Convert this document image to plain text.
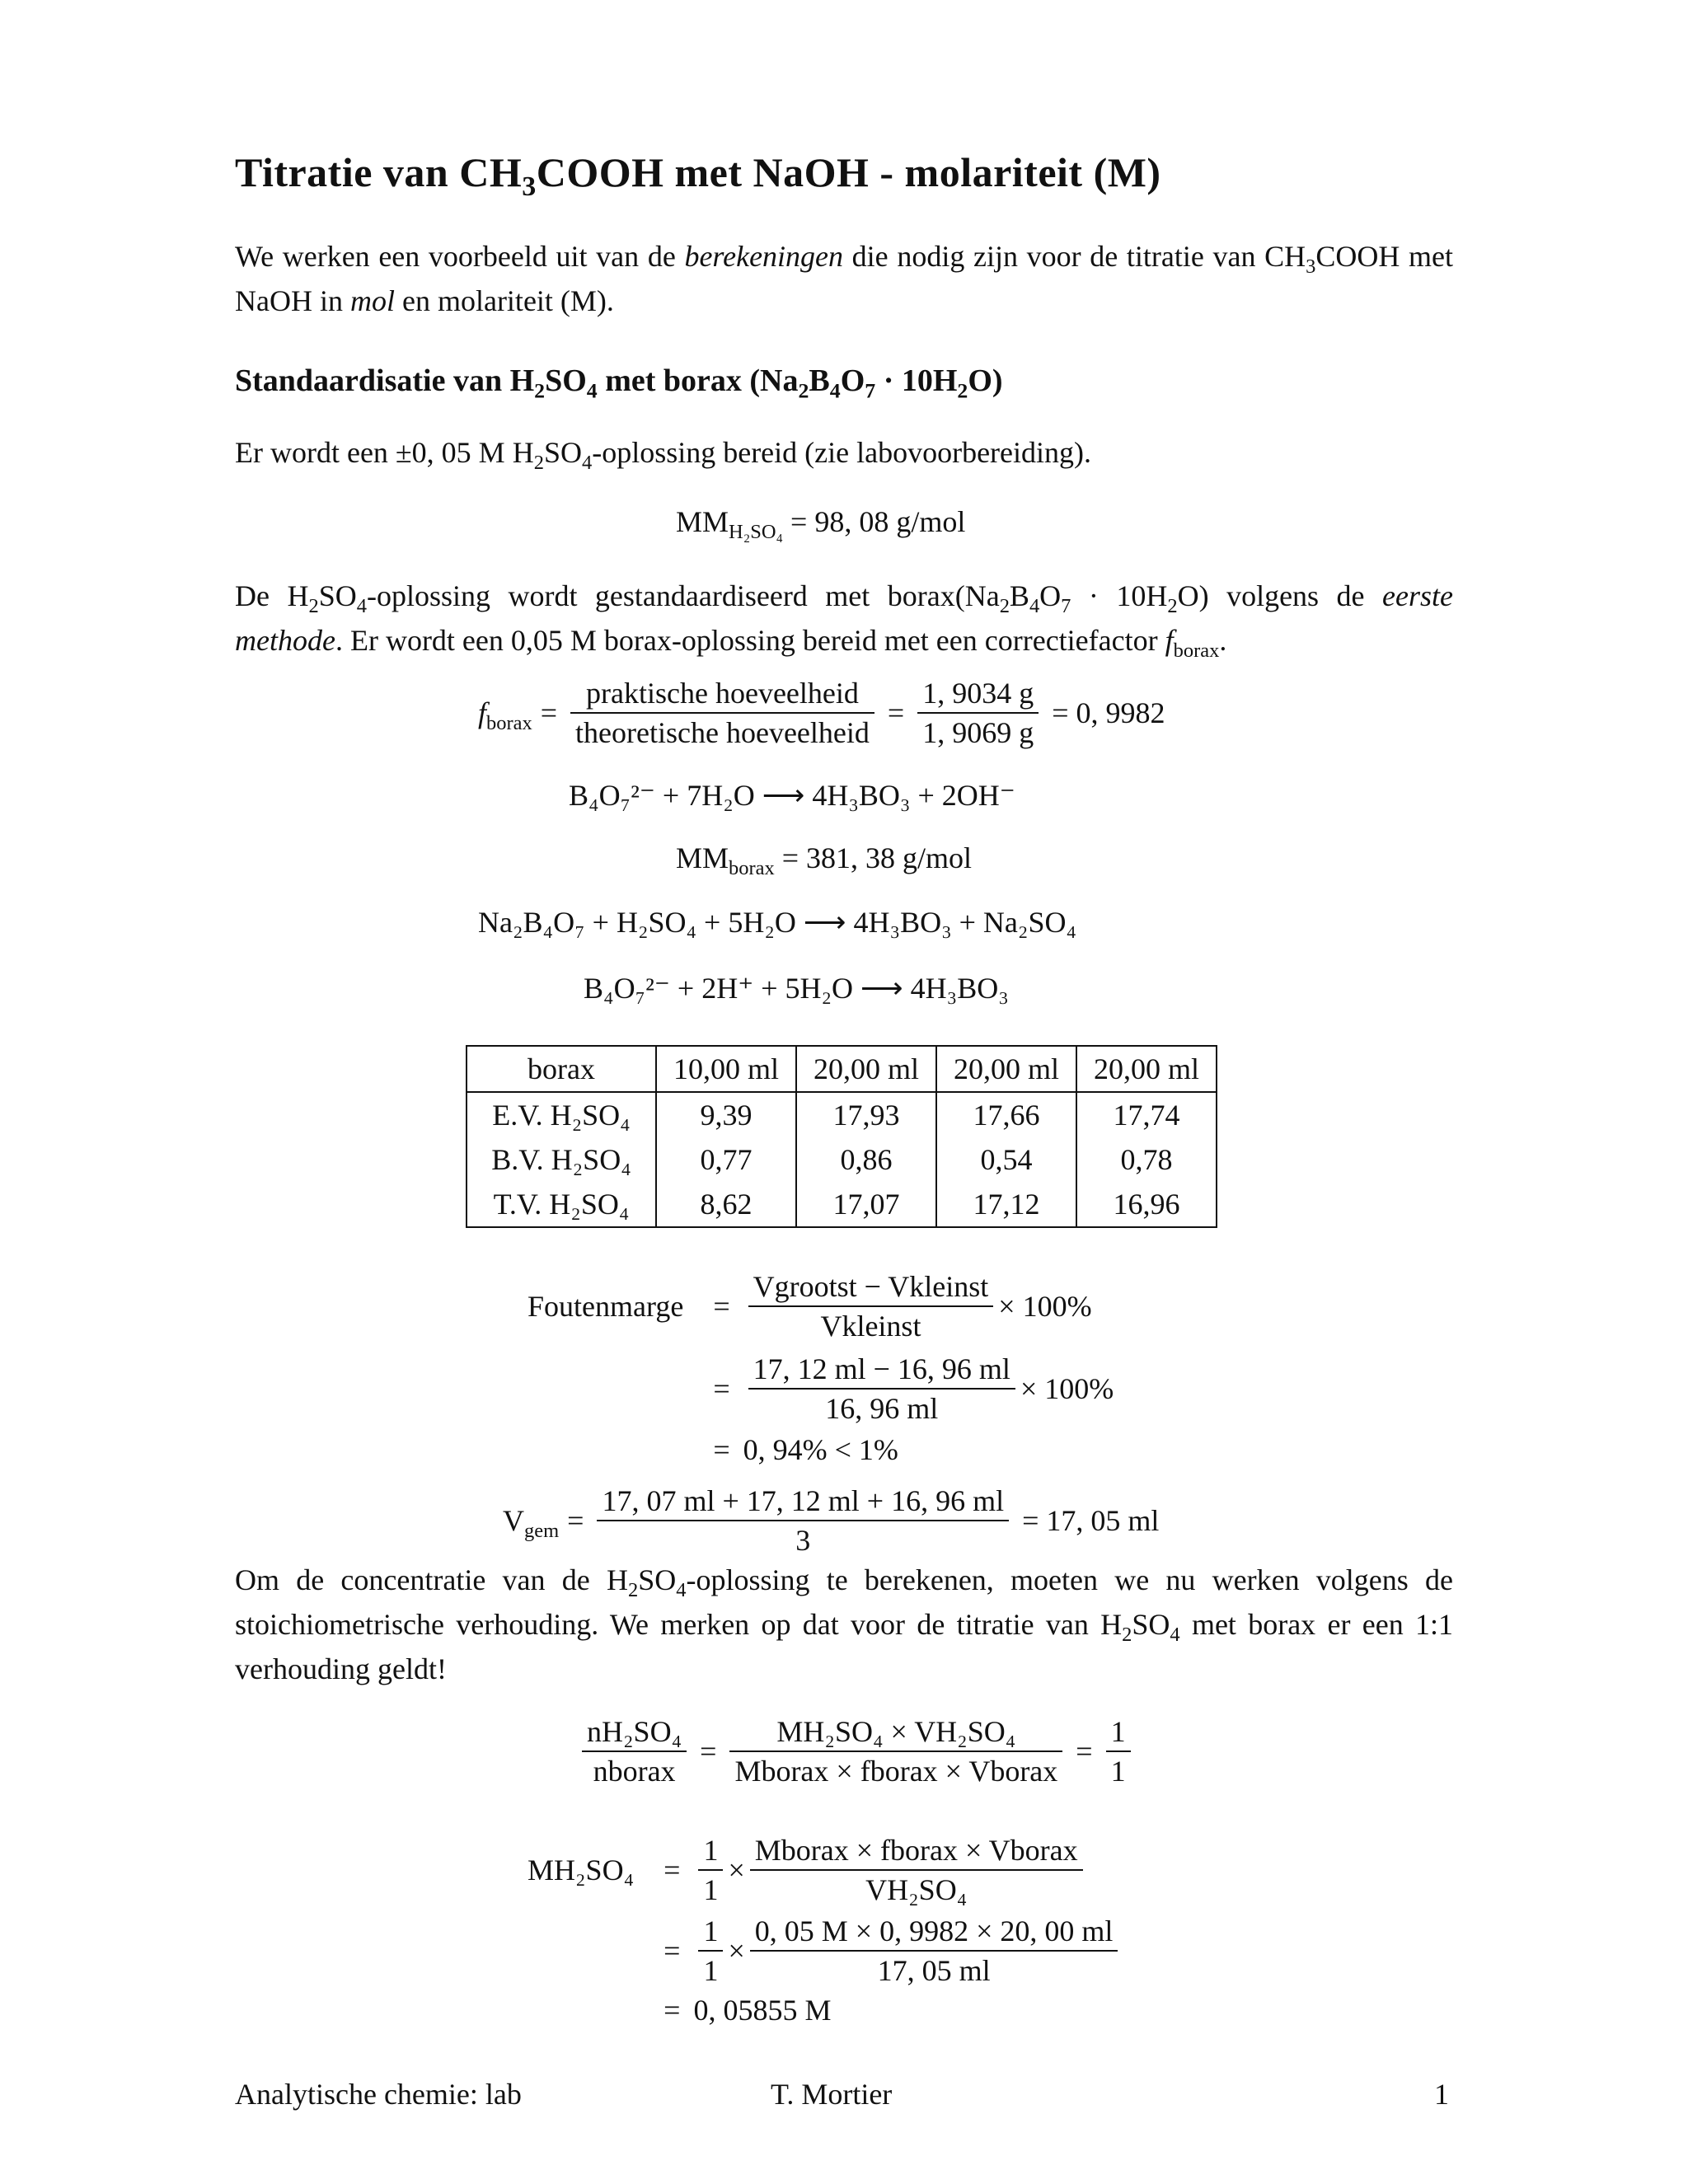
Titratie van $CH_3COOH$ met NaOH - molariteit (M)

We werken een voorbeeld uit van de berekeningen die nodig zijn voor de titratie van $CH_3COOH$ met NaOH in mol en molariteit (M).

Standaardisatie van $H_2SO_4$ met borax $(Na_2B_4O_7 \cdot 10H_2O)$

Er wordt een ±0, 05 M $H_2SO_4$-oplossing bereid (zie labovoorbereiding).

$MM_{H_2SO_4} = 98$, 08 g/mol

De $H_2SO_4$-oplossing wordt gestandaardiseerd met $borax(Na_2B_4O_7 \cdot 10H_2O)$ volgens de eerste methode. Er wordt een 0,05 M borax-oplossing bereid met een correctiefactor $f_{borax}$.

$f_{borax} = \frac{\text{praktische hoeveelheid}}{\text{theoretische hoeveelheid}} = \frac{1, 9034 g}{1, 9069 g} = 0$, 9982
B₄O₇²⁻ + 7H₂O ⟶ 4H₃BO₃ + 2OH⁻
$MM_{borax} = 381$, 38 g/mol
Na₂B₄O₇ + H₂SO₄ + 5H₂O ⟶ 4H₃BO₃ + Na₂SO₄
B₄O₇²⁻ + 2H⁺ + 5H₂O ⟶ 4H₃BO₃
borax	10,00 ml	20,00 ml	20,00 ml	20,00 ml
E.V. H₂SO₄	9,39	17,93	17,66	17,74
B.V. H₂SO₄	0,77	0,86	0,54	0,78
T.V. H₂SO₄	8,62	17,07	17,12	16,96
Foutenmarge	= $\frac{\text{Vgrootst − Vkleinst}}{\text{Vkleinst}} \times 100\%$
= $\frac{17, 12 ml - 16, 96 ml}{16, 96 ml} \times 100\%$
= 0, 94% < 1%
$V_{gem} = \frac{17, 07 ml + 17, 12 ml + 16, 96 ml}{3} = 17$, 05 ml

Om de concentratie van de $H_2SO_4$-oplossing te berekenen, moeten we nu werken volgens de stoichiometrische verhouding. We merken op dat voor de titratie van $H_2SO_4$ met borax er een 1:1 verhouding geldt!

$\frac{\text{nH₂SO₄}}{\text{nborax}} = \frac{\text{MH₂SO₄ × VH₂SO₄}}{\text{Mborax × fborax × Vborax}} = \frac{1}{1}$
MH₂SO₄	= $\frac{1}{1} \times \frac{\text{Mborax × fborax × Vborax}}{\text{VH₂SO₄}}$
= $\frac{1}{1} \times \frac{0, 05 M \times 0, 9982 \times 20, 00 ml}{17, 05 ml}$
= 0, 05855 M
Analytische chemie: lab	T. Mortier	1
